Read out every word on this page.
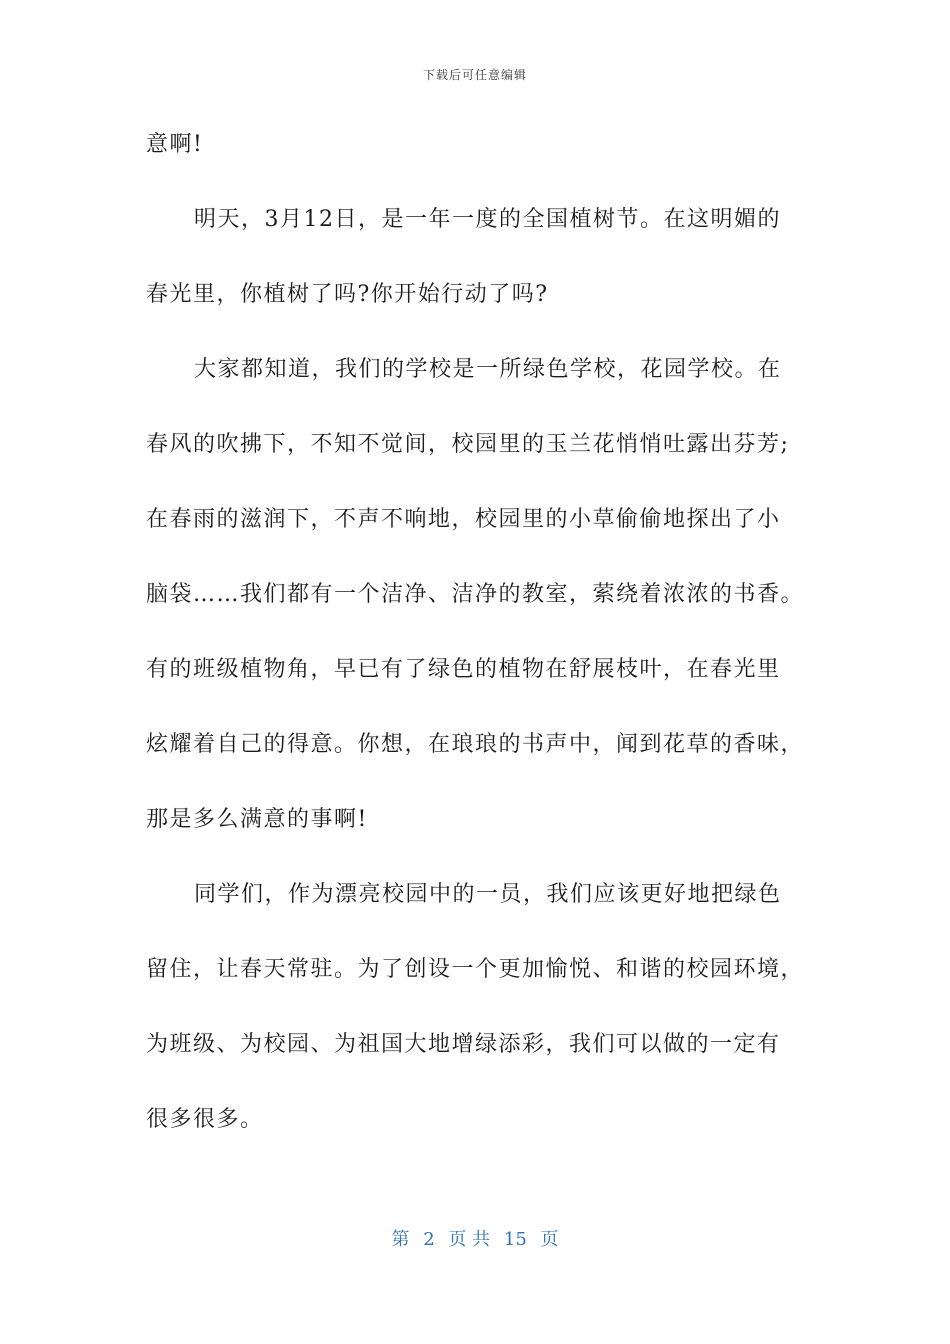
下载后可任意编辑
意啊!
明天，3月12日，是一年一度的全国植树节。在这明媚的
春光里，你植树了吗?你开始行动了吗?
大家都知道，我们的学校是一所绿色学校，花园学校。在
春风的吹拂下，不知不觉间，校园里的玉兰花悄悄吐露出芬芳;
在春雨的滋润下，不声不响地，校园里的小草偷偷地探出了小
脑袋……我们都有一个洁净、洁净的教室，萦绕着浓浓的书香。
有的班级植物角，早已有了绿色的植物在舒展枝叶，在春光里
炫耀着自己的得意。你想，在琅琅的书声中，闻到花草的香味，
那是多么满意的事啊!
同学们，作为漂亮校园中的一员，我们应该更好地把绿色
留住，让春天常驻。为了创设一个更加愉悦、和谐的校园环境，
为班级、为校园、为祖国大地增绿添彩，我们可以做的一定有
很多很多。
第 2 页 共 15 页
